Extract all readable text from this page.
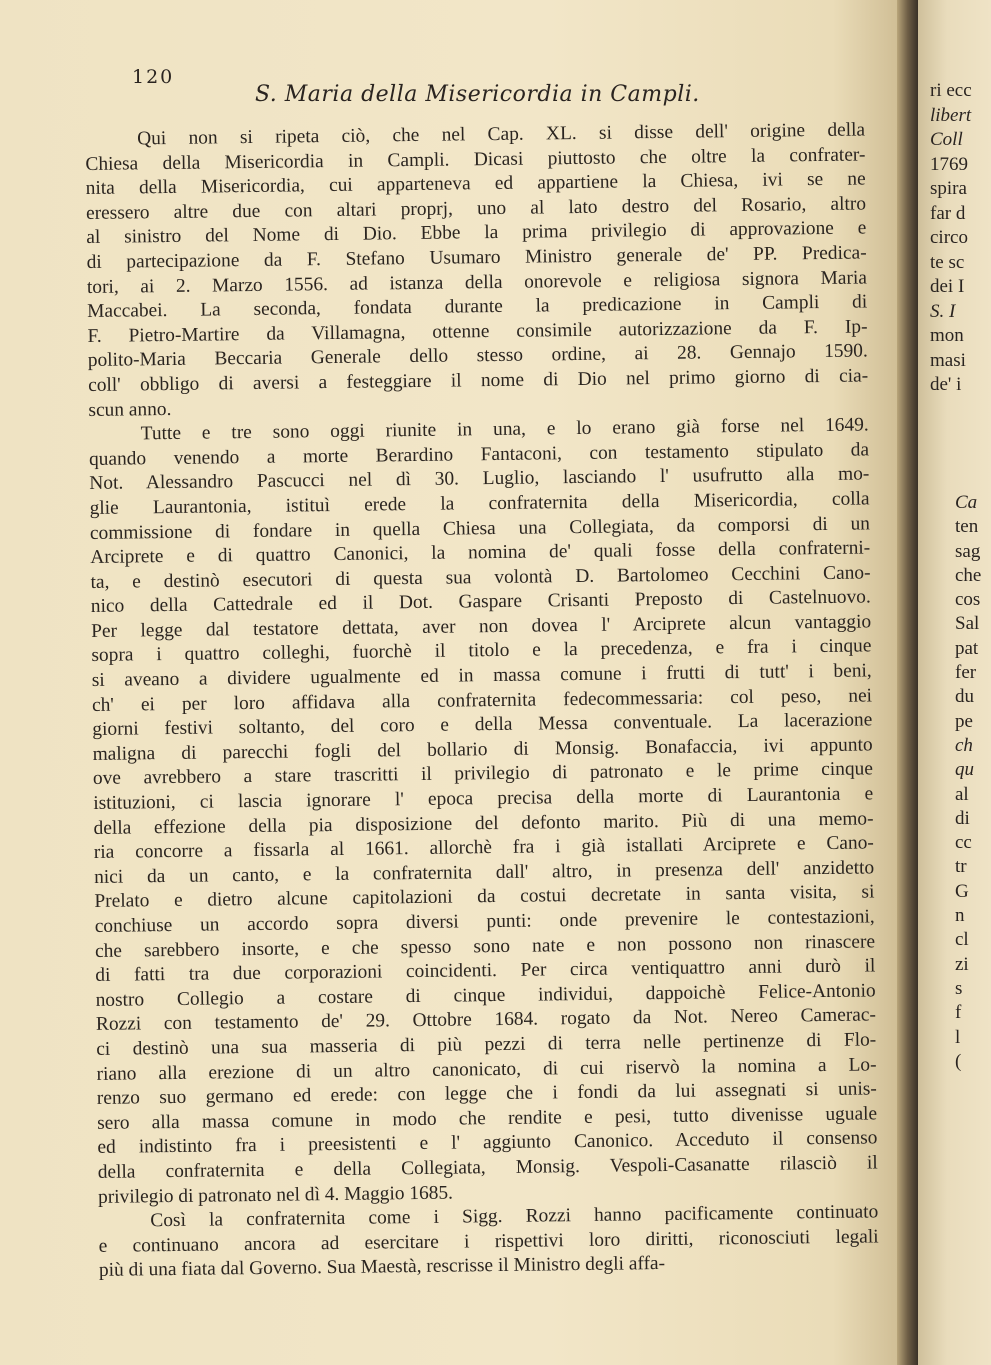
120
S. Maria della Misericordia in Campli.
Qui non si ripeta ciò, che nel Cap. XL. si disse dell' origine della
Chiesa della Misericordia in Campli. Dicasi piuttosto che oltre la confrater-
nita della Misericordia, cui apparteneva ed appartiene la Chiesa, ivi se ne
eressero altre due con altari proprj, uno al lato destro del Rosario, altro
al sinistro del Nome di Dio. Ebbe la prima privilegio di approvazione e
di partecipazione da F. Stefano Usumaro Ministro generale de' PP. Predica-
tori, ai 2. Marzo 1556. ad istanza della onorevole e religiosa signora Maria
Maccabei. La seconda, fondata durante la predicazione in Campli di
F. Pietro-Martire da Villamagna, ottenne consimile autorizzazione da F. Ip-
polito-Maria Beccaria Generale dello stesso ordine, ai 28. Gennajo 1590.
coll' obbligo di aversi a festeggiare il nome di Dio nel primo giorno di cia-
scun anno.
Tutte e tre sono oggi riunite in una, e lo erano già forse nel 1649.
quando venendo a morte Berardino Fantaconi, con testamento stipulato da
Not. Alessandro Pascucci nel dì 30. Luglio, lasciando l' usufrutto alla mo-
glie Laurantonia, istituì erede la confraternita della Misericordia, colla
commissione di fondare in quella Chiesa una Collegiata, da comporsi di un
Arciprete e di quattro Canonici, la nomina de' quali fosse della confraterni-
ta, e destinò esecutori di questa sua volontà D. Bartolomeo Cecchini Cano-
nico della Cattedrale ed il Dot. Gaspare Crisanti Preposto di Castelnuovo.
Per legge dal testatore dettata, aver non dovea l' Arciprete alcun vantaggio
sopra i quattro colleghi, fuorchè il titolo e la precedenza, e fra i cinque
si aveano a dividere ugualmente ed in massa comune i frutti di tutt' i beni,
ch' ei per loro affidava alla confraternita fedecommessaria: col peso, nei
giorni festivi soltanto, del coro e della Messa conventuale. La lacerazione
maligna di parecchi fogli del bollario di Monsig. Bonafaccia, ivi appunto
ove avrebbero a stare trascritti il privilegio di patronato e le prime cinque
istituzioni, ci lascia ignorare l' epoca precisa della morte di Laurantonia e
della effezione della pia disposizione del defonto marito. Più di una memo-
ria concorre a fissarla al 1661. allorchè fra i già istallati Arciprete e Cano-
nici da un canto, e la confraternita dall' altro, in presenza dell' anzidetto
Prelato e dietro alcune capitolazioni da costui decretate in santa visita, si
conchiuse un accordo sopra diversi punti: onde prevenire le contestazioni,
che sarebbero insorte, e che spesso sono nate e non possono non rinascere
di fatti tra due corporazioni coincidenti. Per circa ventiquattro anni durò il
nostro Collegio a costare di cinque individui, dappoichè Felice-Antonio
Rozzi con testamento de' 29. Ottobre 1684. rogato da Not. Nereo Camerac-
ci destinò una sua masseria di più pezzi di terra nelle pertinenze di Flo-
riano alla erezione di un altro canonicato, di cui riservò la nomina a Lo-
renzo suo germano ed erede: con legge che i fondi da lui assegnati si unis-
sero alla massa comune in modo che rendite e pesi, tutto divenisse uguale
ed indistinto fra i preesistenti e l' aggiunto Canonico. Acceduto il consenso
della confraternita e della Collegiata, Monsig. Vespoli-Casanatte rilasciò il
privilegio di patronato nel dì 4. Maggio 1685.
Così la confraternita come i Sigg. Rozzi hanno pacificamente continuato
e continuano ancora ad esercitare i rispettivi loro diritti, riconosciuti legali
più di una fiata dal Governo. Sua Maestà, rescrisse il Ministro degli affa-
ri ecc
libert
Coll
1769
spira
far d
circo
te sc
dei I
S. I
mon
masi
de' i
Ca
ten
sag
che
cos
Sal
pat
fer
du
pe
ch
qu
al
di
cc
tr
G
n
cl
zi
s
f
l
(
